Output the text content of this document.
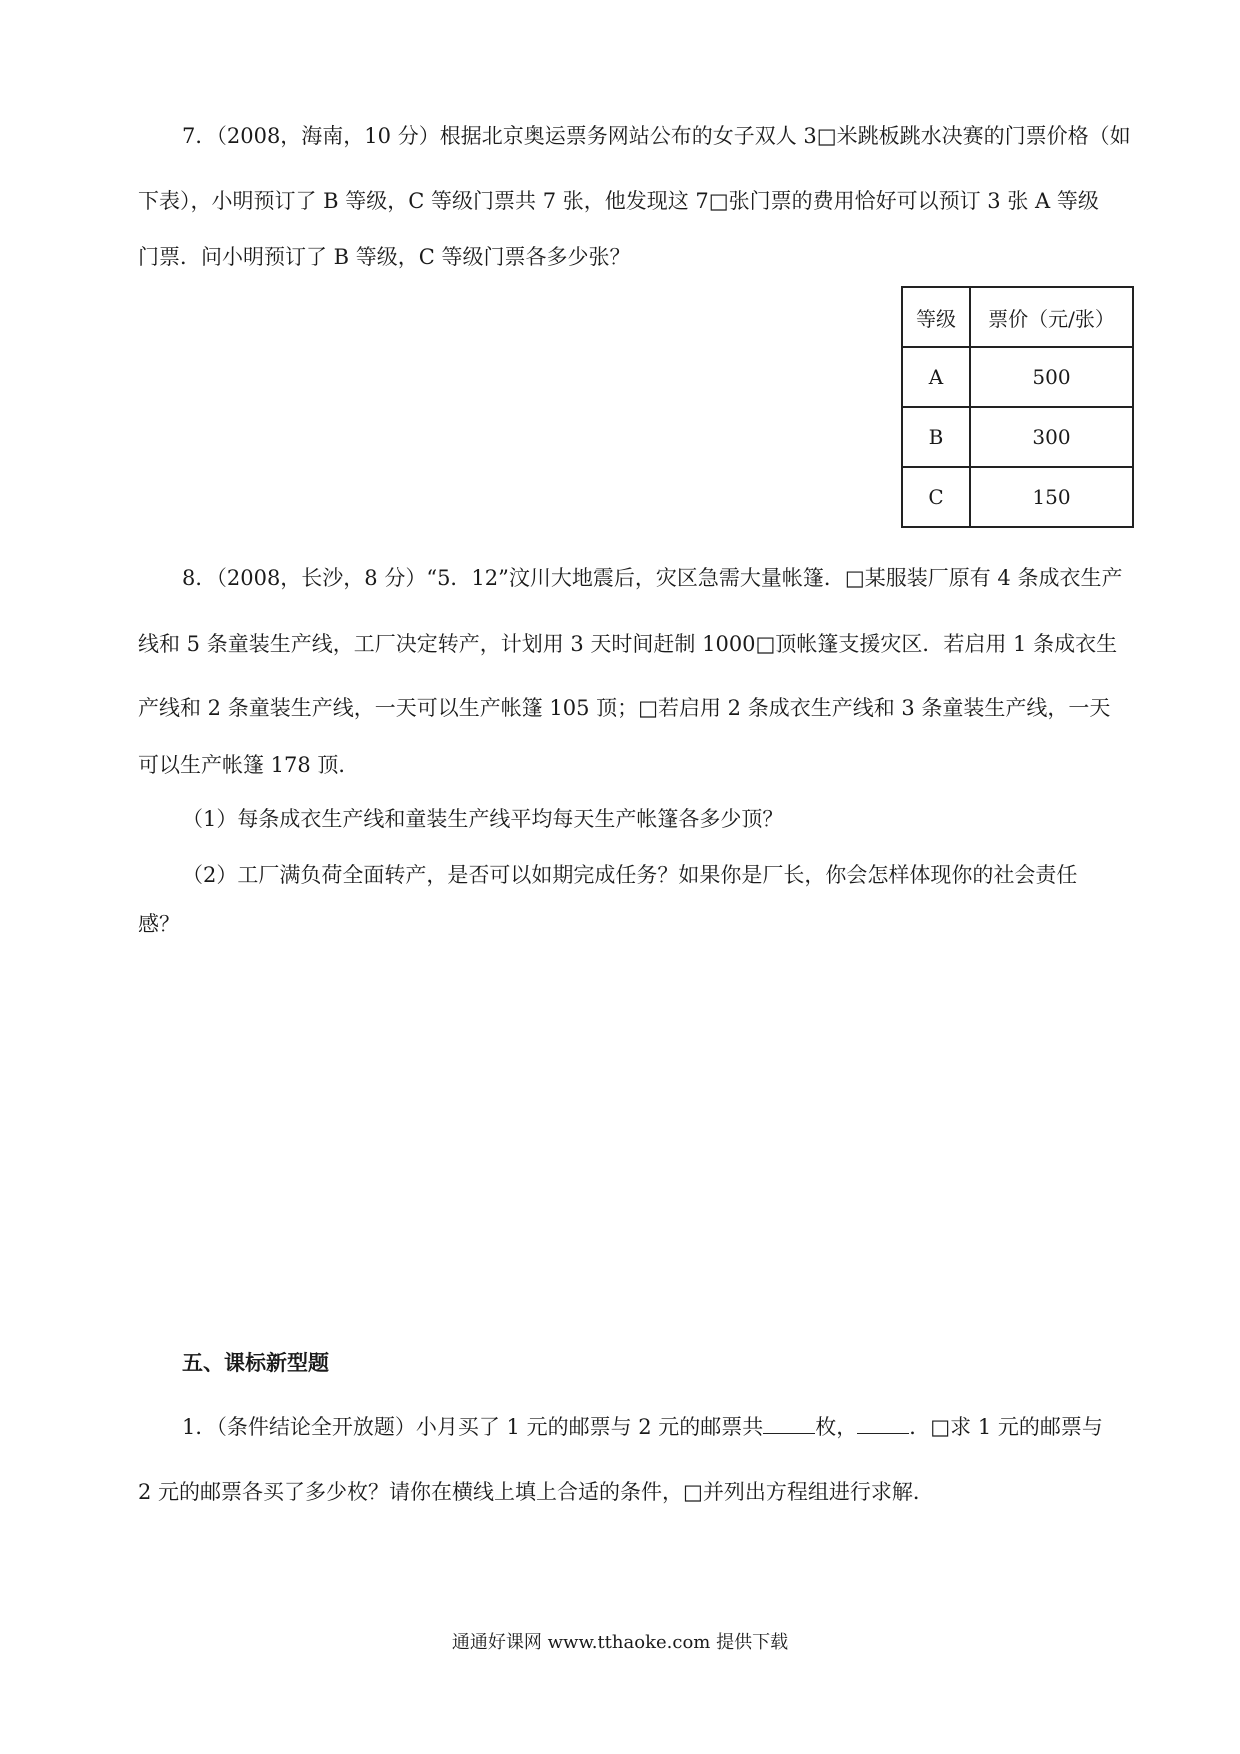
7．（2008，海南，10 分）根据北京奥运票务网站公布的女子双人 3□米跳板跳水决赛的门票价格（如
下表），小明预订了 B 等级，C 等级门票共 7 张，他发现这 7□张门票的费用恰好可以预订 3 张 A 等级
门票．问小明预订了 B 等级，C 等级门票各多少张？
等级	票价（元/张）
A	500
B	300
C	150
8．（2008，长沙，8 分）“5．12”汶川大地震后，灾区急需大量帐篷．□某服装厂原有 4 条成衣生产
线和 5 条童装生产线，工厂决定转产，计划用 3 天时间赶制 1000□顶帐篷支援灾区．若启用 1 条成衣生
产线和 2 条童装生产线，一天可以生产帐篷 105 顶；□若启用 2 条成衣生产线和 3 条童装生产线，一天
可以生产帐篷 178 顶．
（1）每条成衣生产线和童装生产线平均每天生产帐篷各多少顶？
（2）工厂满负荷全面转产，是否可以如期完成任务？如果你是厂长，你会怎样体现你的社会责任
感？
五、课标新型题
1．（条件结论全开放题）小月买了 1 元的邮票与 2 元的邮票共 枚， ．□求 1 元的邮票与
2 元的邮票各买了多少枚？请你在横线上填上合适的条件，□并列出方程组进行求解．
通通好课网 www.tthaoke.com 提供下载
